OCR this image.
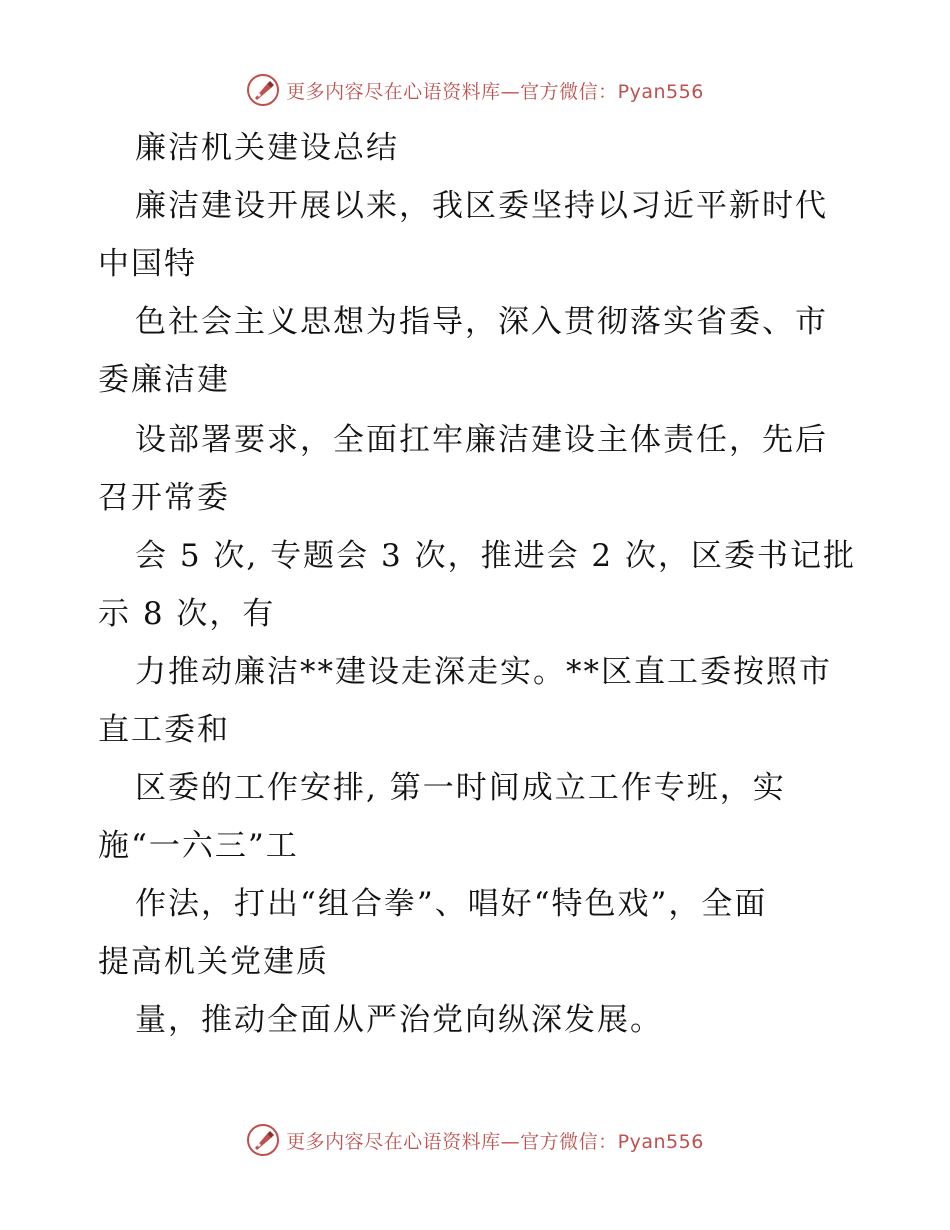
更多内容尽在心语资料库—官方微信：Pyan556
廉洁机关建设总结
廉洁建设开展以来，我区委坚持以习近平新时代
中国特
色社会主义思想为指导，深入贯彻落实省委、市
委廉洁建
设部署要求，全面扛牢廉洁建设主体责任，先后
召开常委
会 5 次, 专题会 3 次，推进会 2 次，区委书记批
示 8 次，有
力推动廉洁**建设走深走实。**区直工委按照市
直工委和
区委的工作安排, 第一时间成立工作专班，实
施“一六三”工
作法，打出“组合拳”、唱好“特色戏”，全面
提高机关党建质
量，推动全面从严治党向纵深发展。
更多内容尽在心语资料库—官方微信：Pyan556
